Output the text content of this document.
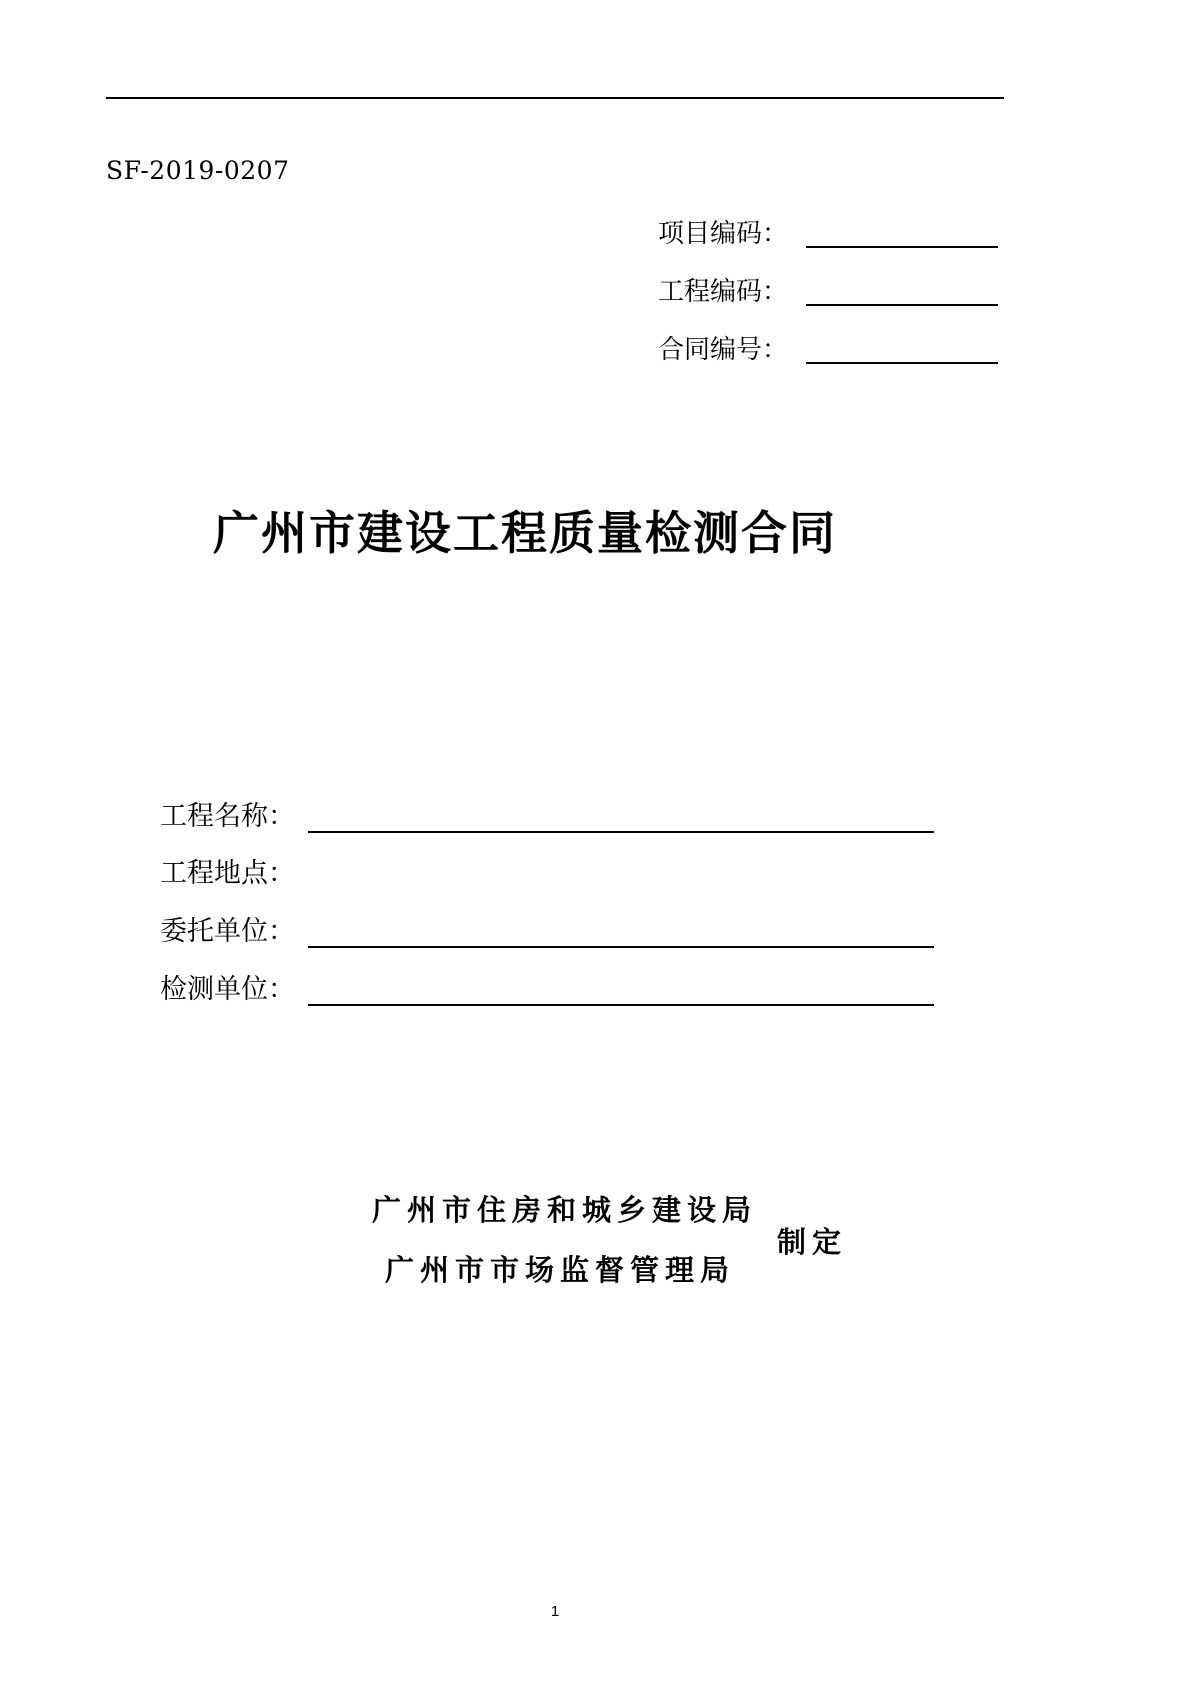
SF-2019-0207
项目编码：
工程编码：
合同编号：
广州市建设工程质量检测合同
工程名称：
工程地点：
委托单位：
检测单位：
广州市住房和城乡建设局
广州市市场监督管理局
制定
1
